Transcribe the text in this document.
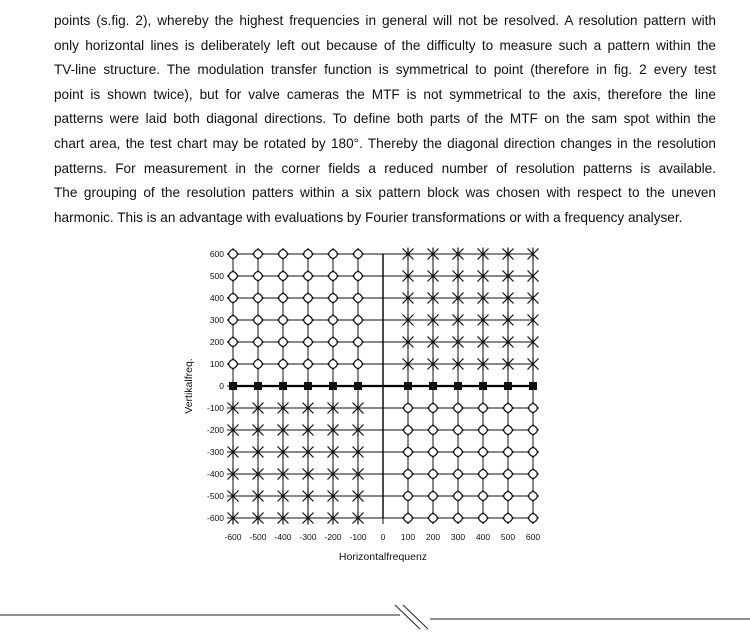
points (s.fig. 2), whereby the highest frequencies in general will not be resolved. A resolution pattern with
only horizontal lines is deliberately left out because of the difficulty to measure such a pattern within the
TV-line structure. The modulation transfer function is symmetrical to point (therefore in fig. 2 every test
point is shown twice), but for valve cameras the MTF is not symmetrical to the axis, therefore the line
patterns were laid both diagonal directions. To define both parts of the MTF on the sam spot within the
chart area, the test chart may be rotated by 180°. Thereby the diagonal direction changes in the resolution
patterns. For measurement in the corner fields a reduced number of resolution patterns is available.
The grouping of the resolution patters within a six pattern block was chosen with respect to the uneven
harmonic. This is an advantage with evaluations by Fourier transformations or with a frequency analyser.
600
500
400
300
200
100
0
-100
-200
-300
-400
-500
-600
-600 -500 -400 -300 -200 -100 0 100 200 300 400 500 600
Horizontalfrequenz
Vertikalfreq.
